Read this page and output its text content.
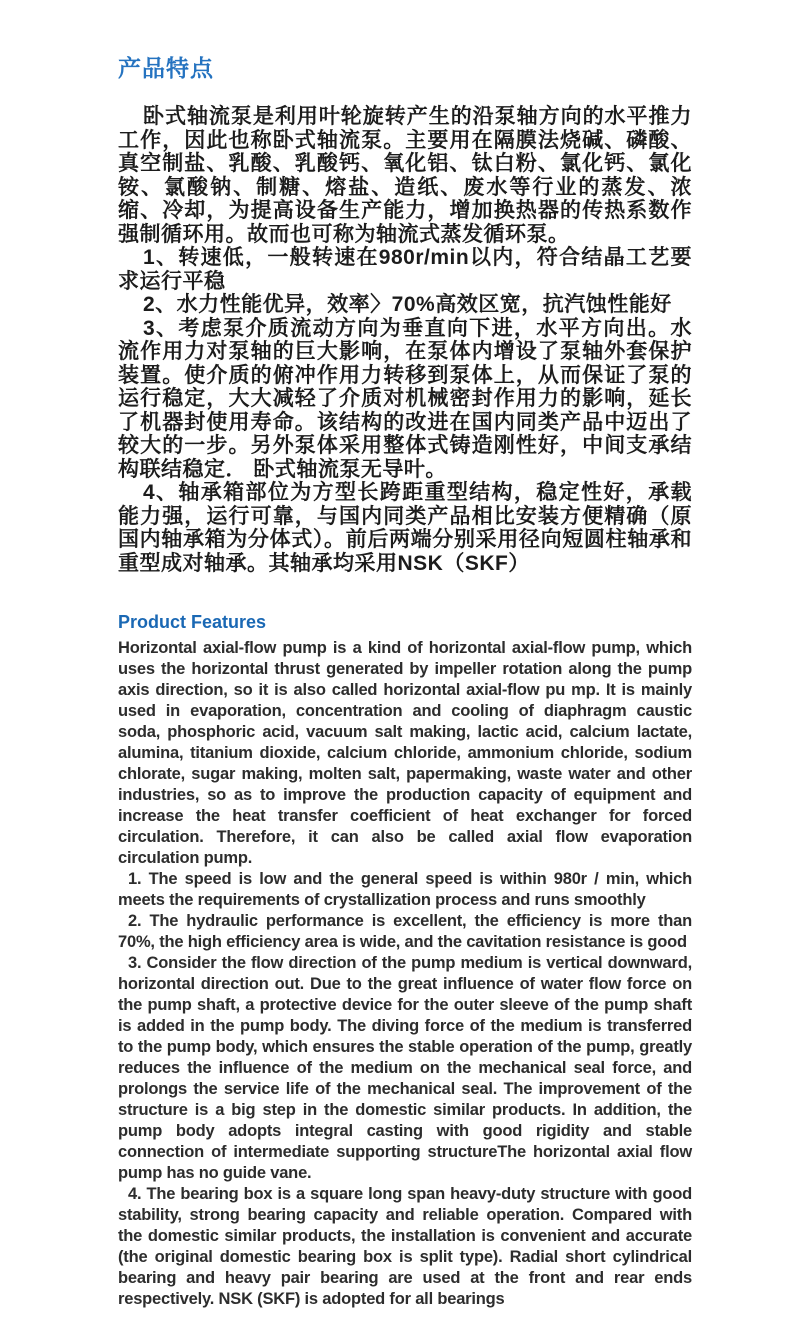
产品特点

卧式轴流泵是利用叶轮旋转产生的沿泵轴方向的水平推力工作，因此也称卧式轴流泵。主要用在隔膜法烧碱、磷酸、真空制盐、乳酸、乳酸钙、氧化铝、钛白粉、氯化钙、氯化铵、氯酸钠、制糖、熔盐、造纸、废水等行业的蒸发、浓缩、冷却，为提高设备生产能力，增加换热器的传热系数作强制循环用。故而也可称为轴流式蒸发循环泵。

1、转速低，一般转速在980r/min以内，符合结晶工艺要求运行平稳

2、水力性能优异，效率〉70%高效区宽，抗汽蚀性能好

3、考虑泵介质流动方向为垂直向下进，水平方向出。水流作用力对泵轴的巨大影响，在泵体内增设了泵轴外套保护装置。使介质的俯冲作用力转移到泵体上，从而保证了泵的运行稳定，大大减轻了介质对机械密封作用力的影响，延长了机器封使用寿命。该结构的改进在国内同类产品中迈出了较大的一步。另外泵体采用整体式铸造刚性好，中间支承结构联结稳定． 卧式轴流泵无导叶。

4、轴承箱部位为方型长跨距重型结构，稳定性好，承载能力强，运行可靠，与国内同类产品相比安装方便精确（原国内轴承箱为分体式）。前后两端分别采用径向短圆柱轴承和重型成对轴承。其轴承均采用NSK（SKF）

Product Features

Horizontal axial-flow pump is a kind of horizontal axial-flow pump, which uses the horizontal thrust generated by impeller rotation along the pump axis direction, so it is also called horizontal axial-flow pu mp. It is mainly used in evaporation, concentration and cooling of diaphragm caustic soda, phosphoric acid, vacuum salt making, lactic acid, calcium lactate, alumina, titanium dioxide, calcium chloride, ammonium chloride, sodium chlorate, sugar making, molten salt, papermaking, waste water and other industries, so as to improve the production capacity of equipment and increase the heat transfer coefficient of heat exchanger for forced circulation. Therefore, it can also be called axial flow evaporation circulation pump.

1. The speed is low and the general speed is within 980r / min, which meets the requirements of crystallization process and runs smoothly

2. The hydraulic performance is excellent, the efficiency is more than 70%, the high efficiency area is wide, and the cavitation resistance is good

3. Consider the flow direction of the pump medium is vertical downward, horizontal direction out. Due to the great influence of water flow force on the pump shaft, a protective device for the outer sleeve of the pump shaft is added in the pump body. The diving force of the medium is transferred to the pump body, which ensures the stable operation of the pump, greatly reduces the influence of the medium on the mechanical seal force, and prolongs the service life of the mechanical seal. The improvement of the structure is a big step in the domestic similar products. In addition, the pump body adopts integral casting with good rigidity and stable connection of intermediate supporting structureThe horizontal axial flow pump has no guide vane.

4. The bearing box is a square long span heavy-duty structure with good stability, strong bearing capacity and reliable operation. Compared with the domestic similar products, the installation is convenient and accurate (the original domestic bearing box is split type). Radial short cylindrical bearing and heavy pair bearing are used at the front and rear ends respectively. NSK (SKF) is adopted for all bearings
